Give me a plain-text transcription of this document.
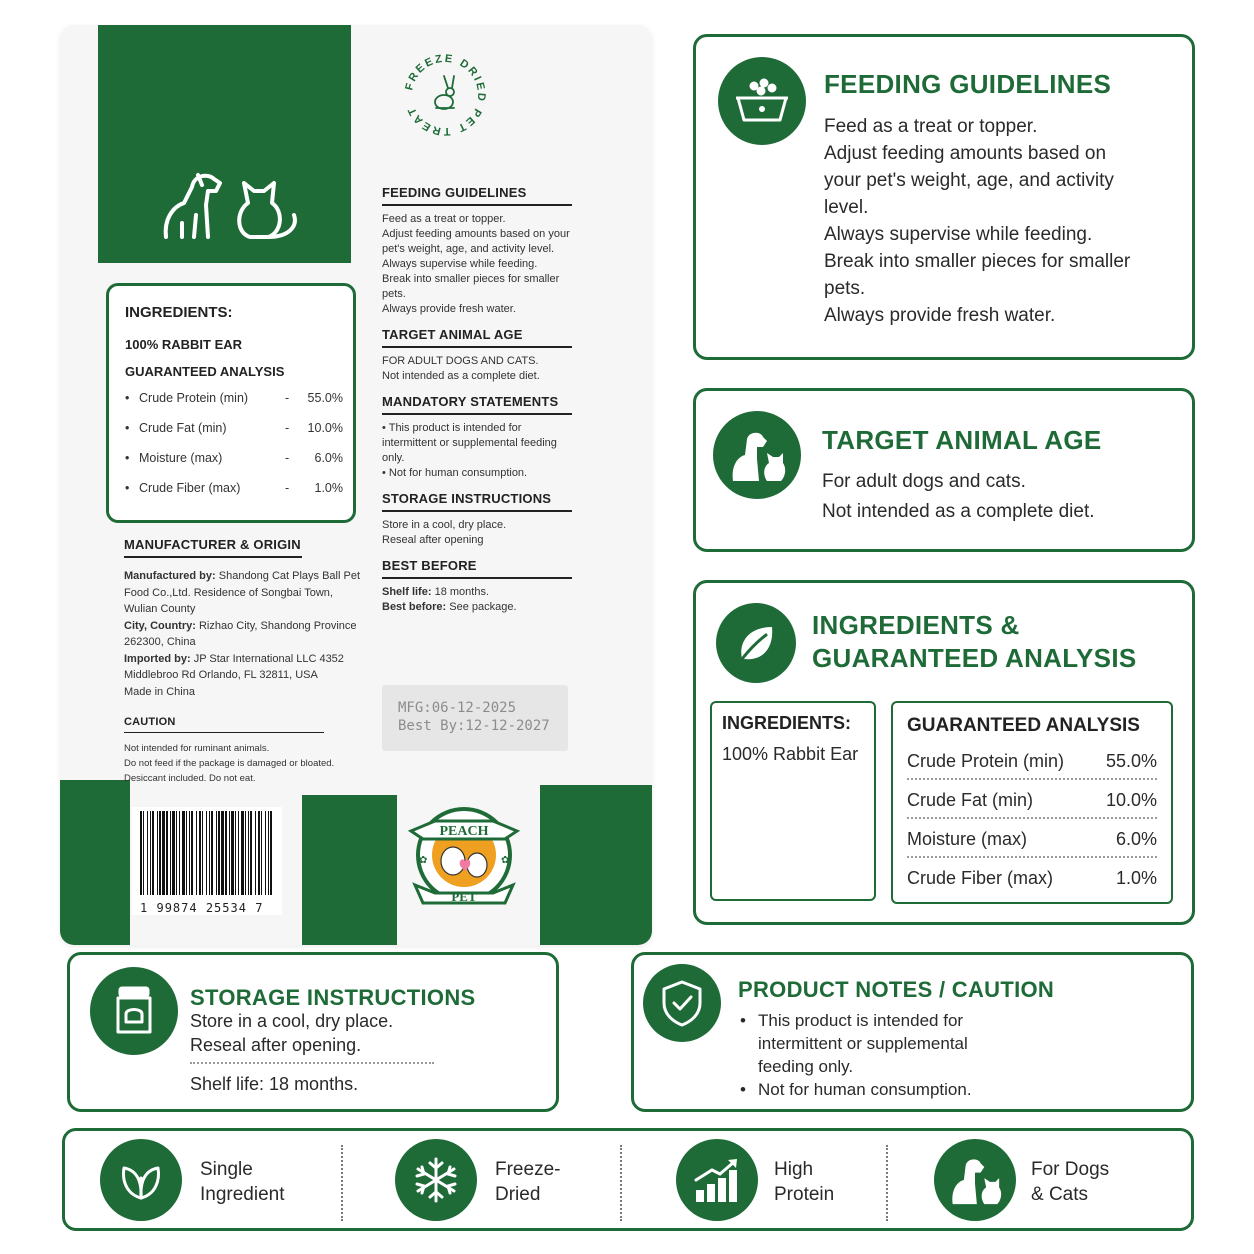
FREEZE DRIED PET TREAT
INGREDIENTS:
100% RABBIT EAR
GUARANTEED ANALYSIS
• Crude Protein (min)	-	55.0%
• Crude Fat (min)	-	10.0%
• Moisture (max)	-	6.0%
• Crude Fiber (max)	-	1.0%
FEEDING GUIDELINES
Feed as a treat or topper.
Adjust feeding amounts based on your pet's weight, age, and activity level.
Always supervise while feeding.
Break into smaller pieces for smaller pets.
Always provide fresh water.
TARGET ANIMAL AGE
FOR ADULT DOGS AND CATS.
Not intended as a complete diet.
MANDATORY STATEMENTS
• This product is intended for intermittent or supplemental feeding only.
• Not for human consumption.
STORAGE INSTRUCTIONS
Store in a cool, dry place.
Reseal after opening
BEST BEFORE
Shelf life: 18 months.
Best before: See package.
MANUFACTURER & ORIGIN
Manufactured by: Shandong Cat Plays Ball Pet Food Co.,Ltd. Residence of Songbai Town, Wulian County
City, Country: Rizhao City, Shandong Province 262300, China
Imported by: JP Star International LLC 4352 Middlebroo Rd Orlando, FL 32811, USA
Made in China
CAUTION
Not intended for ruminant animals.
Do not feed if the package is damaged or bloated.
Desiccant included. Do not eat.
MFG:06-12-2025
Best By:12-12-2027
1 99874 25534 7
PEACH
PET
✿	✿
FEEDING GUIDELINES
Feed as a treat or topper.
Adjust feeding amounts based on
your pet's weight, age, and activity
level.
Always supervise while feeding.
Break into smaller pieces for smaller
pets.
Always provide fresh water.
TARGET ANIMAL AGE
For adult dogs and cats.
Not intended as a complete diet.
INGREDIENTS &
GUARANTEED ANALYSIS
INGREDIENTS:
100% Rabbit Ear
GUARANTEED ANALYSIS
Crude Protein (min) 55.0%
Crude Fat (min)	10.0%
Moisture (max)	6.0%
Crude Fiber (max)	1.0%
STORAGE INSTRUCTIONS
Store in a cool, dry place.
Reseal after opening.
Shelf life: 18 months.
PRODUCT NOTES / CAUTION
• This product is intended for intermittent or supplemental feeding only.
• Not for human consumption.
Single
Ingredient
Freeze-
Dried
High
Protein
For Dogs
& Cats
